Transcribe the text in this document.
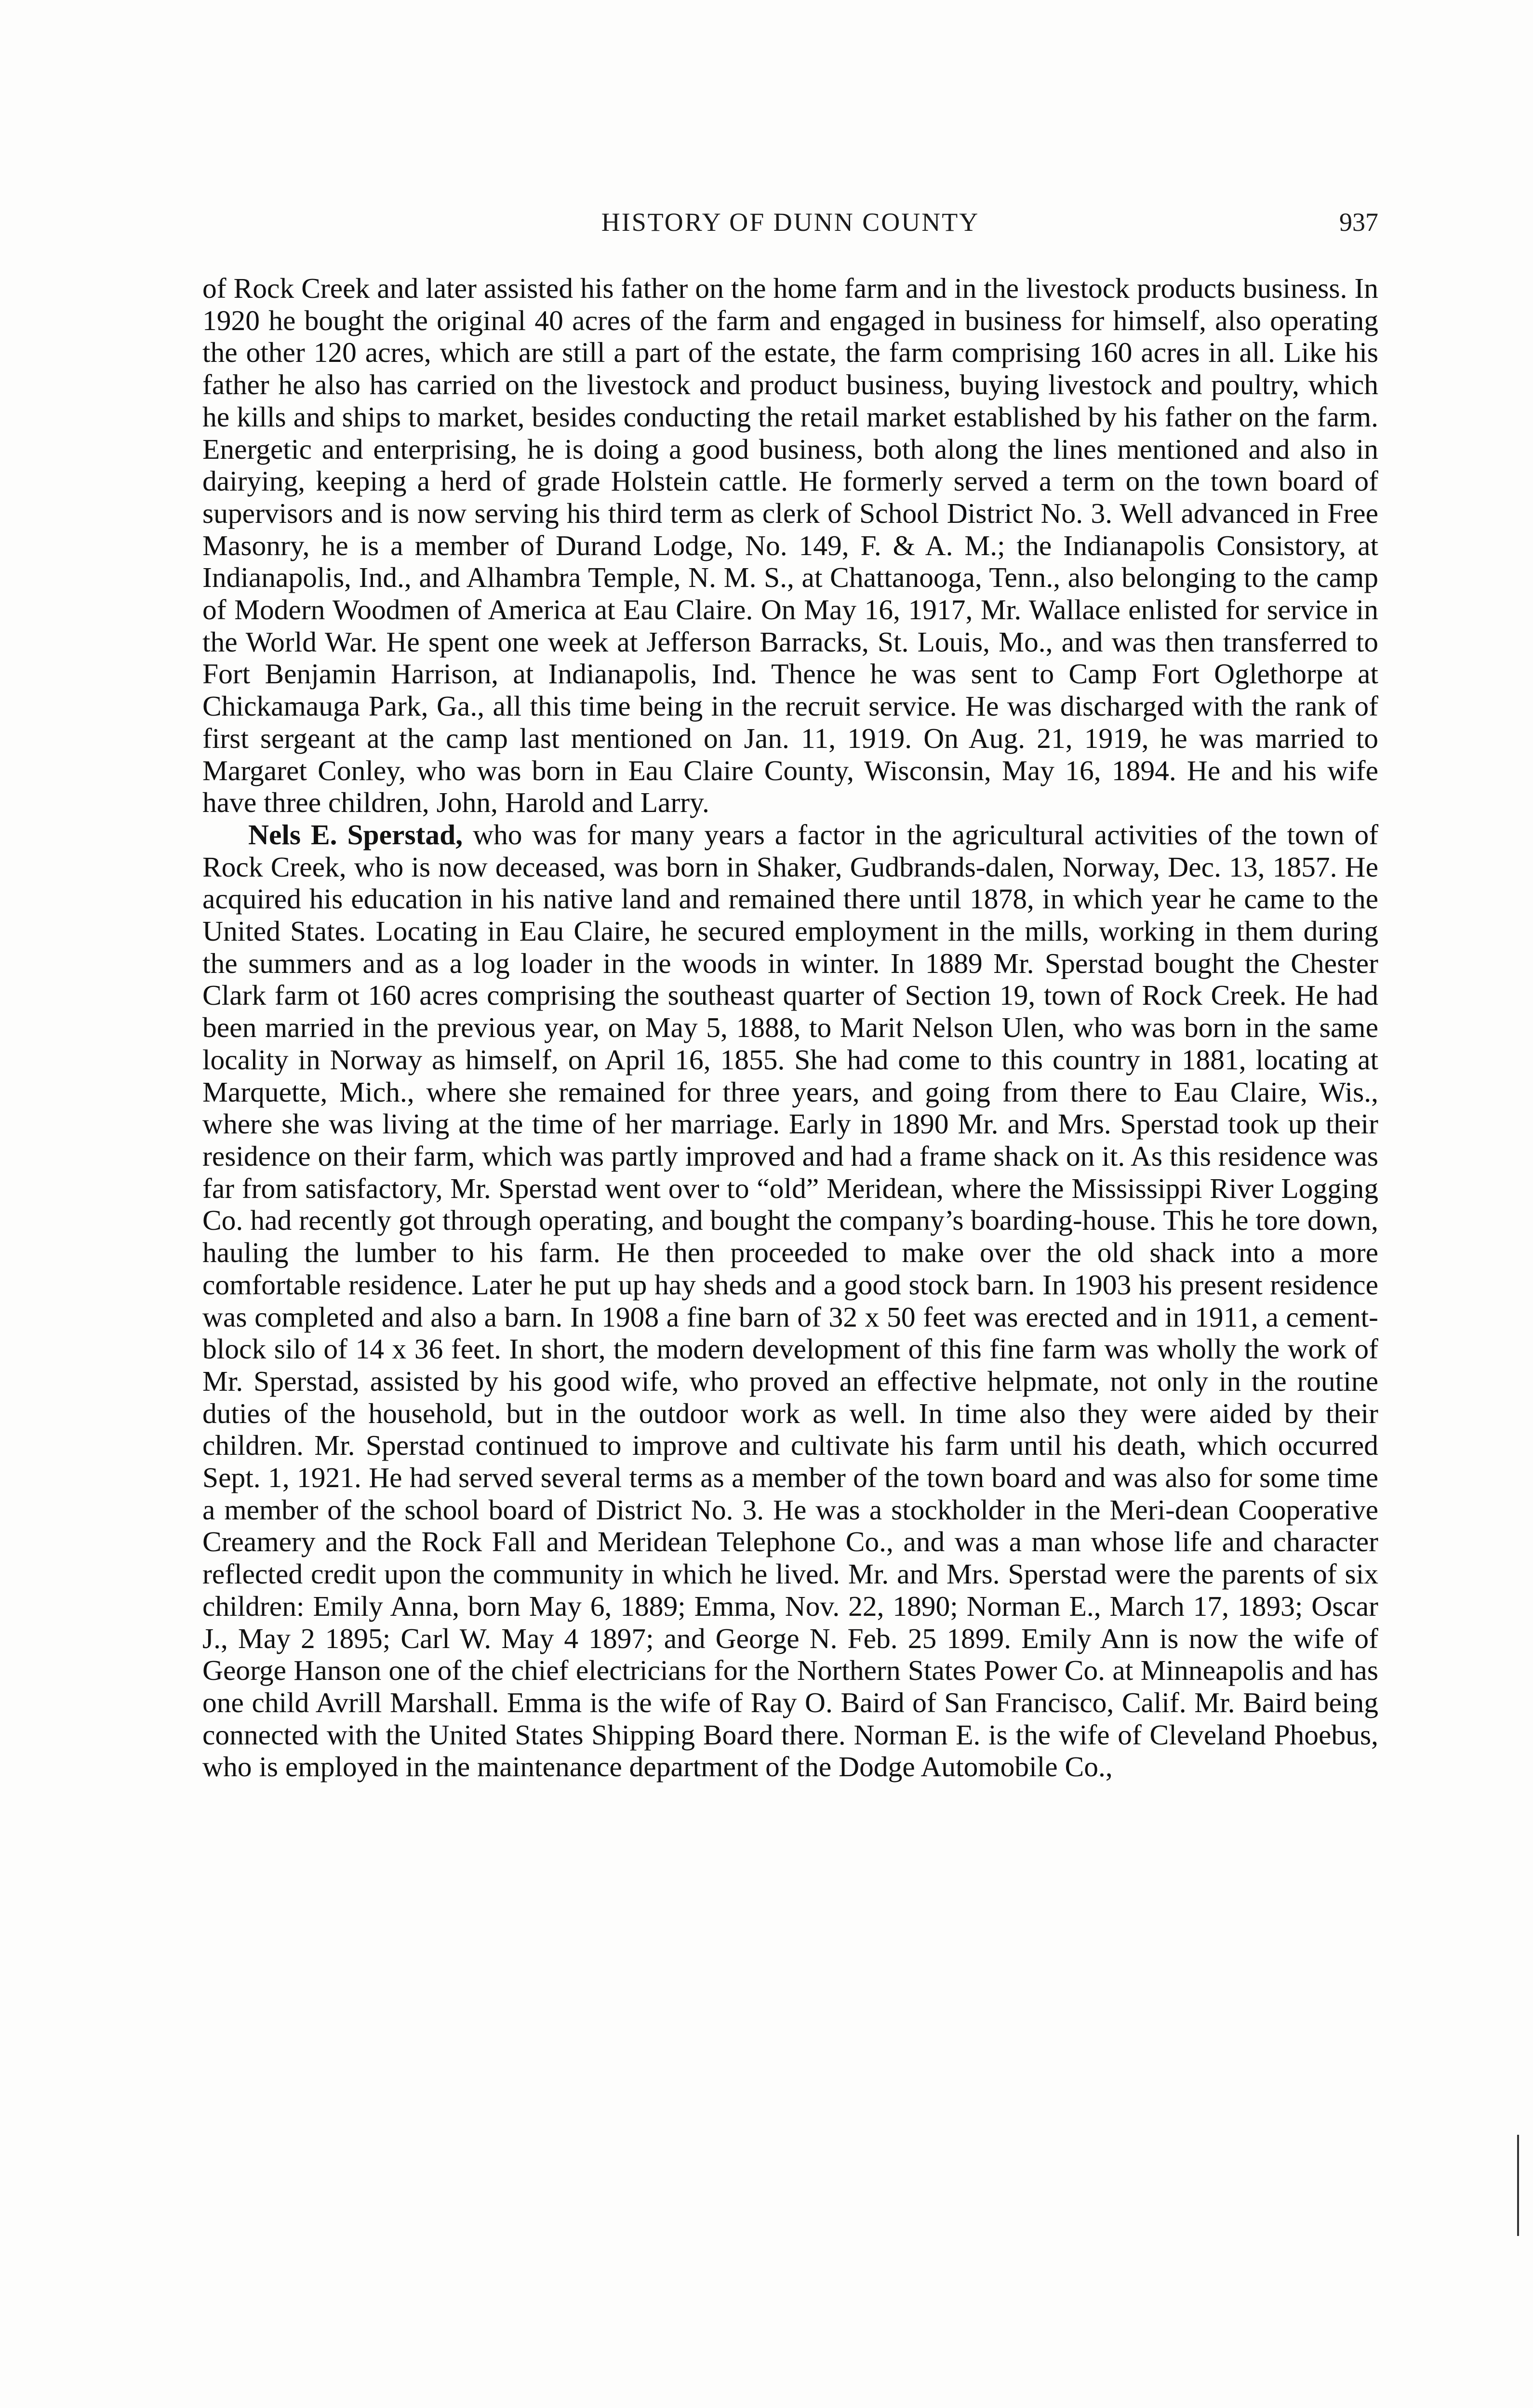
HISTORY OF DUNN COUNTY	937

of Rock Creek and later assisted his father on the home farm and in the livestock products business. In 1920 he bought the original 40 acres of the farm and engaged in business for himself, also operating the other 120 acres, which are still a part of the estate, the farm comprising 160 acres in all. Like his father he also has carried on the livestock and product business, buying livestock and poultry, which he kills and ships to market, besides conducting the retail market established by his father on the farm. Energetic and enterprising, he is doing a good business, both along the lines mentioned and also in dairying, keeping a herd of grade Holstein cattle. He formerly served a term on the town board of supervisors and is now serving his third term as clerk of School District No. 3. Well advanced in Free Masonry, he is a member of Durand Lodge, No. 149, F. & A. M.; the Indianapolis Consistory, at Indianapolis, Ind., and Alhambra Temple, N. M. S., at Chattanooga, Tenn., also belonging to the camp of Modern Woodmen of America at Eau Claire. On May 16, 1917, Mr. Wallace enlisted for service in the World War. He spent one week at Jefferson Barracks, St. Louis, Mo., and was then transferred to Fort Benjamin Harrison, at Indianapolis, Ind. Thence he was sent to Camp Fort Oglethorpe at Chickamauga Park, Ga., all this time being in the recruit service. He was discharged with the rank of first sergeant at the camp last mentioned on Jan. 11, 1919. On Aug. 21, 1919, he was married to Margaret Conley, who was born in Eau Claire County, Wisconsin, May 16, 1894. He and his wife have three children, John, Harold and Larry.

Nels E. Sperstad, who was for many years a factor in the agricultural activities of the town of Rock Creek, who is now deceased, was born in Shaker, Gudbrands-dalen, Norway, Dec. 13, 1857. He acquired his education in his native land and remained there until 1878, in which year he came to the United States. Locating in Eau Claire, he secured employment in the mills, working in them during the summers and as a log loader in the woods in winter. In 1889 Mr. Sperstad bought the Chester Clark farm ot 160 acres comprising the southeast quarter of Section 19, town of Rock Creek. He had been married in the previous year, on May 5, 1888, to Marit Nelson Ulen, who was born in the same locality in Norway as himself, on April 16, 1855. She had come to this country in 1881, locating at Marquette, Mich., where she remained for three years, and going from there to Eau Claire, Wis., where she was living at the time of her marriage. Early in 1890 Mr. and Mrs. Sperstad took up their residence on their farm, which was partly improved and had a frame shack on it. As this residence was far from satisfactory, Mr. Sperstad went over to “old” Meridean, where the Mississippi River Logging Co. had recently got through operating, and bought the company’s boarding-house. This he tore down, hauling the lumber to his farm. He then proceeded to make over the old shack into a more comfortable residence. Later he put up hay sheds and a good stock barn. In 1903 his present residence was completed and also a barn. In 1908 a fine barn of 32 x 50 feet was erected and in 1911, a cement-block silo of 14 x 36 feet. In short, the modern development of this fine farm was wholly the work of Mr. Sperstad, assisted by his good wife, who proved an effective helpmate, not only in the routine duties of the household, but in the outdoor work as well. In time also they were aided by their children. Mr. Sperstad continued to improve and cultivate his farm until his death, which occurred Sept. 1, 1921. He had served several terms as a member of the town board and was also for some time a member of the school board of District No. 3. He was a stockholder in the Meri-dean Cooperative Creamery and the Rock Fall and Meridean Telephone Co., and was a man whose life and character reflected credit upon the community in which he lived. Mr. and Mrs. Sperstad were the parents of six children: Emily Anna, born May 6, 1889; Emma, Nov. 22, 1890; Norman E., March 17, 1893; Oscar J., May 2 1895; Carl W. May 4 1897; and George N. Feb. 25 1899. Emily Ann is now the wife of George Hanson one of the chief electricians for the Northern States Power Co. at Minneapolis and has one child Avrill Marshall. Emma is the wife of Ray O. Baird of San Francisco, Calif. Mr. Baird being connected with the United States Shipping Board there. Norman E. is the wife of Cleveland Phoebus, who is employed in the maintenance department of the Dodge Automobile Co.,
